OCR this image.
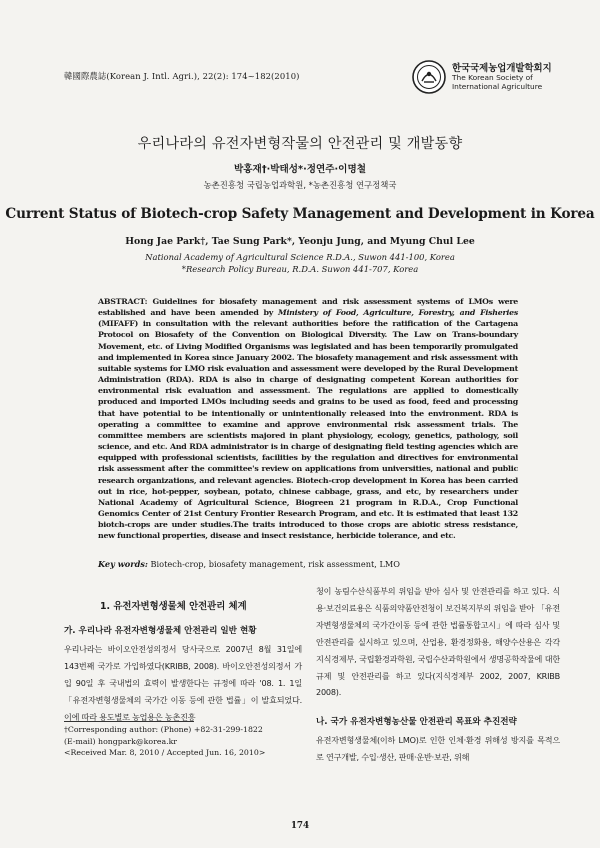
韓國際農誌(Korean J. Intl. Agri.), 22(2): 174~182(2010)
한국국제농업개발학회지
The Korean Society of International Agriculture
우리나라의 유전자변형작물의 안전관리 및 개발동향
박홍재†·박태성*·정연주·이명철
농촌진흥청 국립농업과학원, *농촌진흥청 연구정책국
Current Status of Biotech-crop Safety Management and Development in Korea
Hong Jae Park†, Tae Sung Park*, Yeonju Jung, and Myung Chul Lee
National Academy of Agricultural Science R.D.A., Suwon 441-100, Korea
*Research Policy Bureau, R.D.A. Suwon 441-707, Korea
ABSTRACT: Guidelines for biosafety management and risk assessment systems of LMOs were established and have been amended by Ministery of Food, Agriculture, Forestry, and Fisheries (MIFAFF) in consultation with the relevant authorities before the ratification of the Cartagena Protocol on Biosafety of the Convention on Biological Diversity. The Law on Trans-boundary Movement, etc. of Living Modified Organisms was legislated and has been temporarily promulgated and implemented in Korea since January 2002. The biosafety management and risk assessment with suitable systems for LMO risk evaluation and assessment were developed by the Rural Development Administration (RDA). RDA is also in charge of designating competent Korean authorities for environmental risk evaluation and assessment. The regulations are applied to domestically produced and imported LMOs including seeds and grains to be used as food, feed and processing that have potential to be intentionally or unintentionally released into the environment. RDA is operating a committee to examine and approve environmental risk assessment trials. The committee members are scientists majored in plant physiology, ecology, genetics, pathology, soil science, and etc. And RDA administrator is in charge of designating field testing agencies which are equipped with professional scientists, facilities by the regulation and directives for environmental risk assessment after the committee's review on applications from universities, national and public research organizations, and relevant agencies. Biotech-crop development in Korea has been carried out in rice, hot-pepper, soybean, potato, chinese cabbage, grass, and etc, by researchers under National Academy of Agricultural Science, Biogreen 21 program in R.D.A., Crop Functional Genomics Center of 21st Century Frontier Research Program, and etc. It is estimated that least 132 biotch-crops are under studies.The traits introduced to those crops are abiotic stress resistance, new functional properties, disease and insect resistance, herbicide tolerance, and etc.
Key words: Biotech-crop, biosafety management, risk assessment, LMO
1. 유전자변형생물체 안전관리 체계
가. 우리나라 유전자변형생물체 안전관리 일반 현황
우리나라는 바이오안전성의정서 당사국으로 2007년 8월 31일에 143번째 국가로 가입하였다(KRIBB, 2008). 바이오안전성의정서 가입 90일 후 국내법의 효력이 발생한다는 규정에 따라 '08. 1. 1일 「유전자변형생물체의 국가간 이동 등에 관한 법률」이 발효되었다. 이에 따라 용도별로 농업용은 농촌진흥
†Corresponding author: (Phone) +82-31-299-1822
(E-mail) hongpark@korea.kr
<Received Mar. 8, 2010 / Accepted Jun. 16, 2010>
청이 농림수산식품부의 위임을 받아 심사 및 안전관리를 하고 있다. 식용·보건의료용은 식품의약품안전청이 보건복지부의 위임을 받아 「유전자변형생물체의 국가간이동 등에 관한 법률통합고시」에 따라 심사 및 안전관리를 실시하고 있으며, 산업용, 환경정화용, 해양수산용은 각각 지식경제부, 국립환경과학원, 국립수산과학원에서 생명공학작물에 대한 규제 및 안전관리를 하고 있다(지식경제부 2002, 2007, KRIBB 2008).
나. 국가 유전자변형농산물 안전관리 목표와 추진전략
유전자변형생물체(이하 LMO)로 인한 인체·환경 위해성 방지를 목적으로 연구개발, 수입·생산, 판매·운반·보관, 위해
174
